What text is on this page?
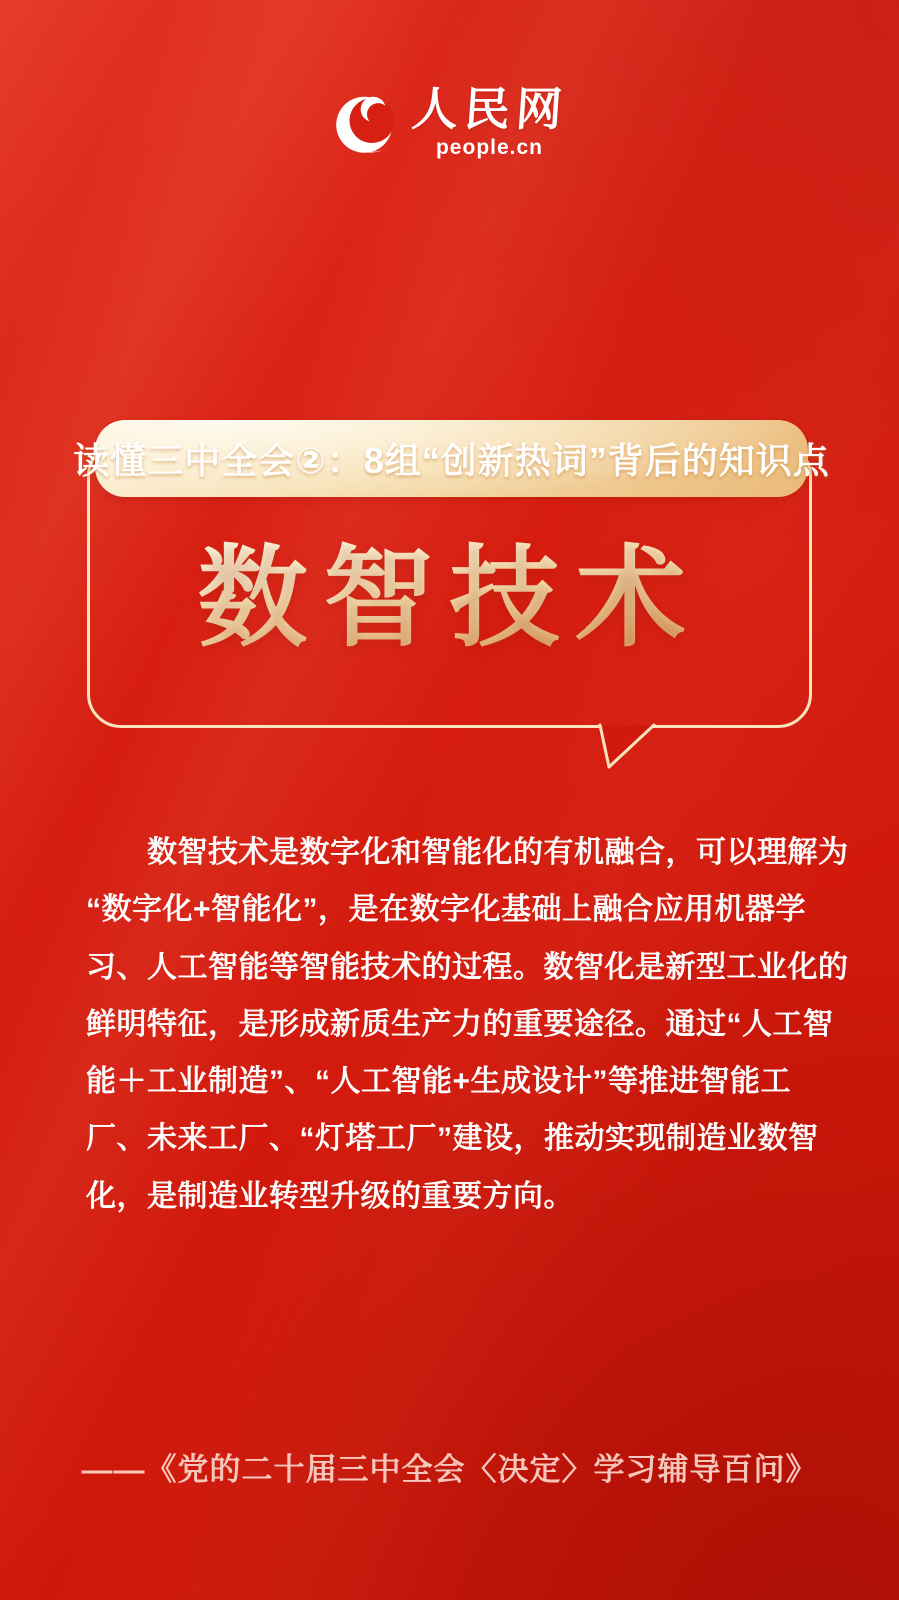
人民网
people.cn
读懂三中全会②：8组“创新热词”背后的知识点
数智技术
　　数智技术是数字化和智能化的有机融合，可以理解为
“数字化+智能化”，是在数字化基础上融合应用机器学
习、人工智能等智能技术的过程。数智化是新型工业化的
鲜明特征，是形成新质生产力的重要途径。通过“人工智
能＋工业制造”、“人工智能+生成设计”等推进智能工
厂、未来工厂、“灯塔工厂”建设，推动实现制造业数智
化，是制造业转型升级的重要方向。
——《党的二十届三中全会〈决定〉学习辅导百问》
